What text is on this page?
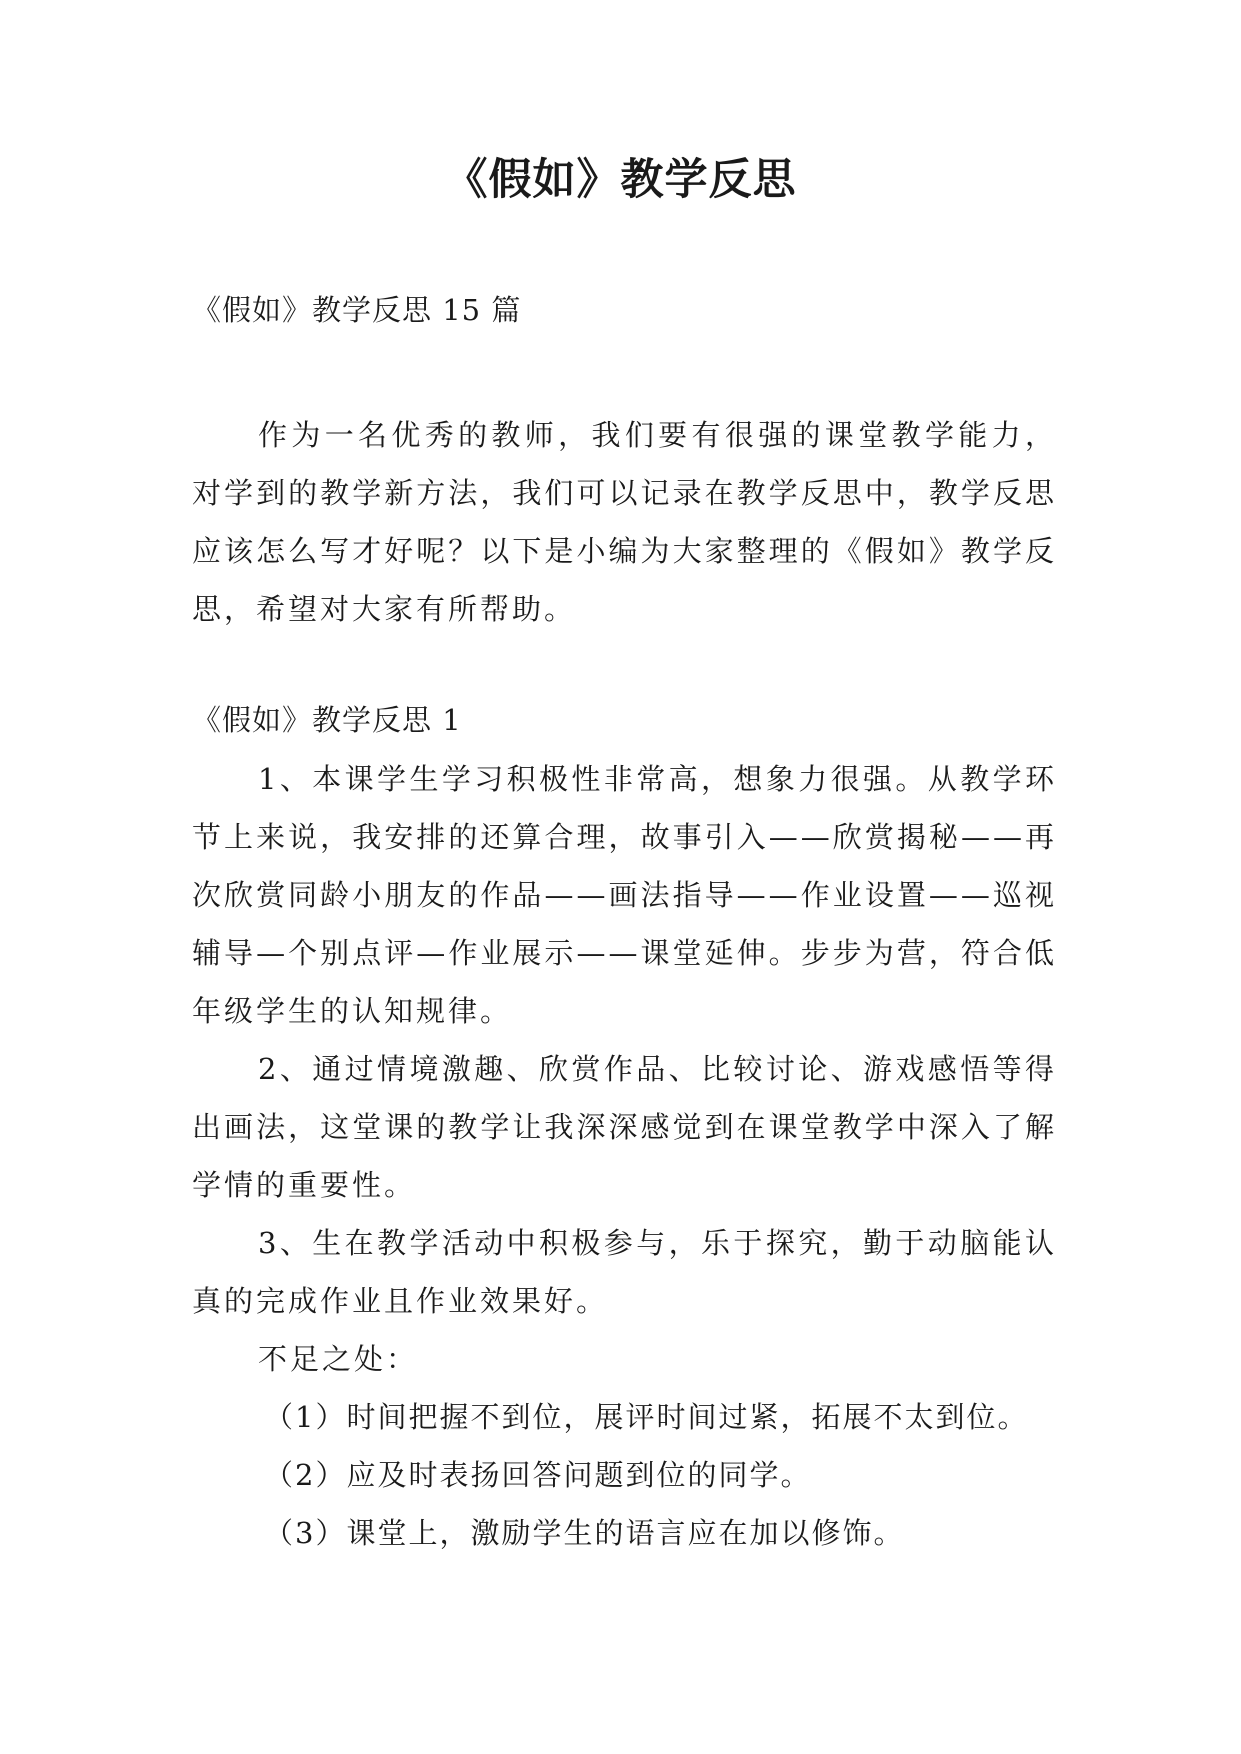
《假如》教学反思
《假如》教学反思 15 篇
作为一名优秀的教师，我们要有很强的课堂教学能力，对学到的教学新方法，我们可以记录在教学反思中，教学反思应该怎么写才好呢？以下是小编为大家整理的《假如》教学反思，希望对大家有所帮助。
《假如》教学反思 1

1、本课学生学习积极性非常高，想象力很强。从教学环节上来说，我安排的还算合理，故事引入——欣赏揭秘——再次欣赏同龄小朋友的作品——画法指导——作业设置——巡视辅导—个别点评—作业展示——课堂延伸。步步为营，符合低年级学生的认知规律。

2、通过情境激趣、欣赏作品、比较讨论、游戏感悟等得出画法，这堂课的教学让我深深感觉到在课堂教学中深入了解学情的重要性。

3、生在教学活动中积极参与，乐于探究，勤于动脑能认真的完成作业且作业效果好。

不足之处：

（1）时间把握不到位，展评时间过紧，拓展不太到位。

（2）应及时表扬回答问题到位的同学。

（3）课堂上，激励学生的语言应在加以修饰。
